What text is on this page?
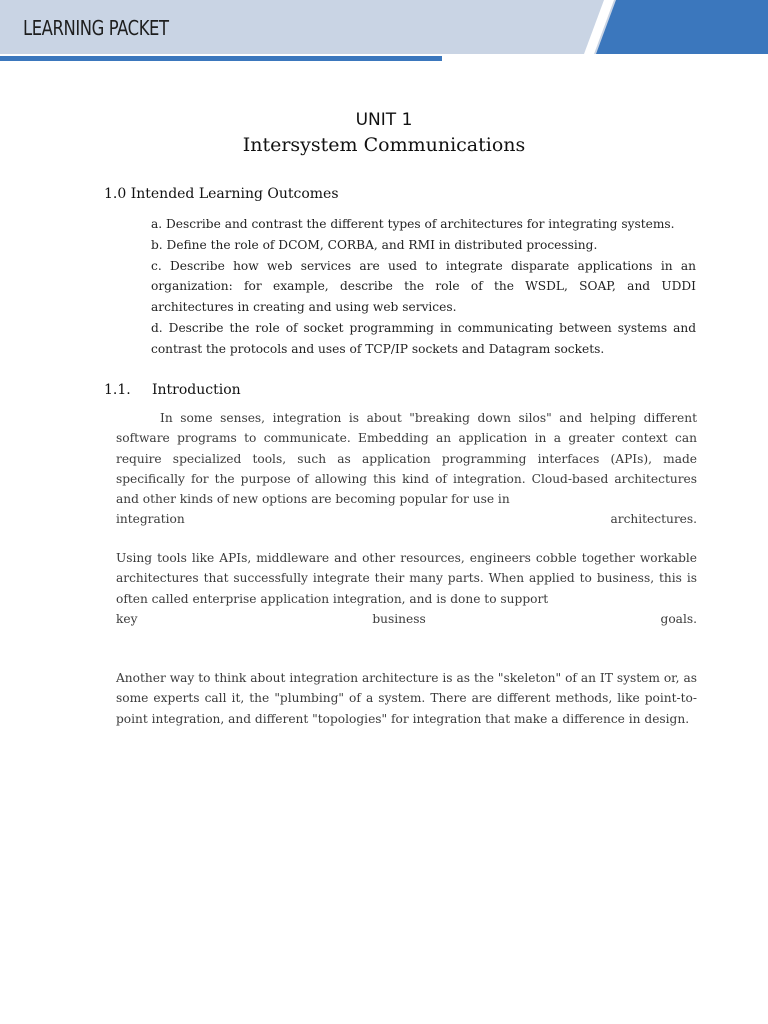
LEARNING PACKET
UNIT 1
Intersystem Communications
1.0 Intended Learning Outcomes

a. Describe and contrast the different types of architectures for integrating systems.

b. Define the role of DCOM, CORBA, and RMI in distributed processing.

c. Describe how web services are used to integrate disparate applications in an organization: for example, describe the role of the WSDL, SOAP, and UDDI architectures in creating and using web services.

d. Describe the role of socket programming in communicating between systems and contrast the protocols and uses of TCP/IP sockets and Datagram sockets.

1.1. Introduction

In some senses, integration is about "breaking down silos" and helping different software programs to communicate. Embedding an application in a greater context can require specialized tools, such as application programming interfaces (APIs), made specifically for the purpose of allowing this kind of integration. Cloud-based architectures and other kinds of new options are becoming popular for use in

integration	architectures.

Using tools like APIs, middleware and other resources, engineers cobble together workable architectures that successfully integrate their many parts. When applied to business, this is often called enterprise application integration, and is done to support

key	business	goals.

Another way to think about integration architecture is as the "skeleton" of an IT system or, as some experts call it, the "plumbing" of a system. There are different methods, like point-to-point integration, and different "topologies" for integration that make a difference in design.
